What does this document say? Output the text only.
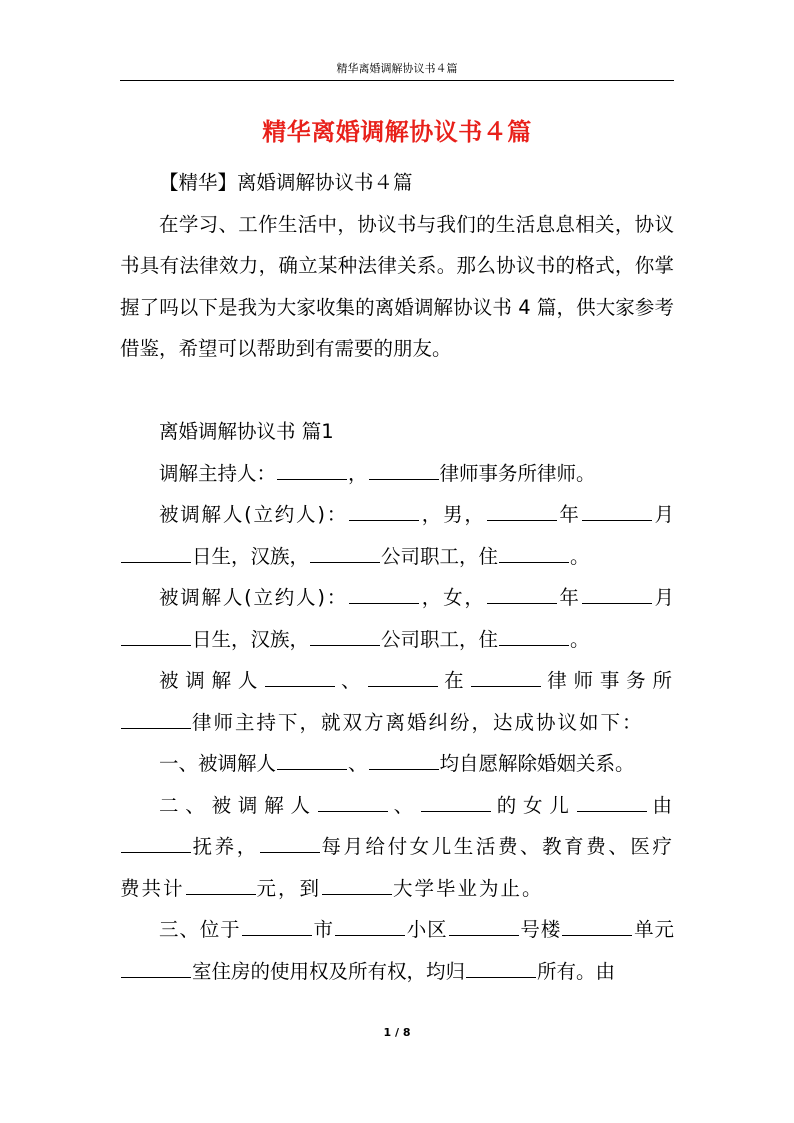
精华离婚调解协议书４篇
精华离婚调解协议书４篇

【精华】离婚调解协议书４篇

在学习、工作生活中，协议书与我们的生活息息相关，协议书具有法律效力，确立某种法律关系。那么协议书的格式，你掌握了吗以下是我为大家收集的离婚调解协议书 4 篇，供大家参考借鉴，希望可以帮助到有需要的朋友。

离婚调解协议书 篇1

调解主持人：	，	律师事务所律师。

被调解人(立约人)：	，男，	年	月日生，汉族，	公司职工，住	。

被调解人(立约人)：	，女，	年	月日生，汉族，	公司职工，住	。

被调解人	、	在	律师事务所律师主持下，就双方离婚纠纷，达成协议如下：

一、被调解人	、	均自愿解除婚姻关系。

二、被调解人	、	的女儿	由抚养，	每月给付女儿生活费、教育费、医疗费共计	元，到	大学毕业为止。

三、位于	市	小区	号楼	单元室住房的使用权及所有权，均归	所有。由

1 / 8
